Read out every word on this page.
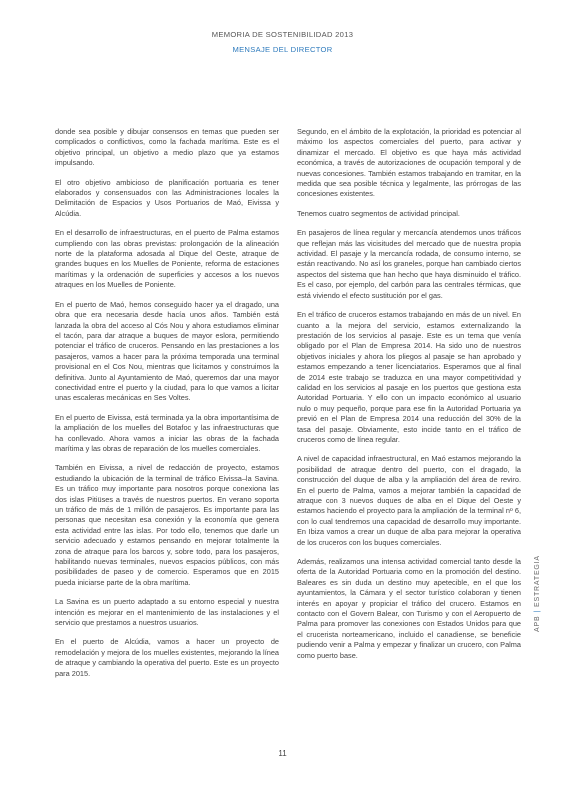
MEMORIA DE SOSTENIBILIDAD 2013
MENSAJE DEL DIRECTOR

donde sea posible y dibujar consensos en temas que pueden ser complicados o conflictivos, como la fachada marítima. Este es el objetivo principal, un objetivo a medio plazo que ya estamos impulsando.

El otro objetivo ambicioso de planificación portuaria es tener elaborados y consensuados con las Administraciones locales la Delimitación de Espacios y Usos Portuarios de Maó, Eivissa y Alcúdia.

En el desarrollo de infraestructuras, en el puerto de Palma estamos cumpliendo con las obras previstas: prolongación de la alineación norte de la plataforma adosada al Dique del Oeste, atraque de grandes buques en los Muelles de Poniente, reforma de estaciones marítimas y la ordenación de superficies y accesos a los nuevos atraques en los Muelles de Poniente.

En el puerto de Maó, hemos conseguido hacer ya el dragado, una obra que era necesaria desde hacía unos años. También está lanzada la obra del acceso al Cós Nou y ahora estudiamos eliminar el tacón, para dar atraque a buques de mayor eslora, permitiendo potenciar el tráfico de cruceros. Pensando en las prestaciones a los pasajeros, vamos a hacer para la próxima temporada una terminal provisional en el Cos Nou, mientras que licitamos y construimos la definitiva. Junto al Ayuntamiento de Maó, queremos dar una mayor conectividad entre el puerto y la ciudad, para lo que vamos a licitar unas escaleras mecánicas en Ses Voltes.

En el puerto de Eivissa, está terminada ya la obra importantísima de la ampliación de los muelles del Botafoc y las infraestructuras que ha conllevado. Ahora vamos a iniciar las obras de la fachada marítima y las obras de reparación de los muelles comerciales.

También en Eivissa, a nivel de redacción de proyecto, estamos estudiando la ubicación de la terminal de tráfico Eivissa–la Savina. Es un tráfico muy importante para nosotros porque conexiona las dos islas Pitiüses a través de nuestros puertos. En verano soporta un tráfico de más de 1 millón de pasajeros. Es importante para las personas que necesitan esa conexión y la economía que genera esta actividad entre las islas. Por todo ello, tenemos que darle un servicio adecuado y estamos pensando en mejorar totalmente la zona de atraque para los barcos y, sobre todo, para los pasajeros, habilitando nuevas terminales, nuevos espacios públicos, con más posibilidades de paseo y de comercio. Esperamos que en 2015 pueda iniciarse parte de la obra marítima.

La Savina es un puerto adaptado a su entorno especial y nuestra intención es mejorar en el mantenimiento de las instalaciones y el servicio que prestamos a nuestros usuarios.

En el puerto de Alcúdia, vamos a hacer un proyecto de remodelación y mejora de los muelles existentes, mejorando la línea de atraque y cambiando la operativa del puerto. Este es un proyecto para 2015.

Segundo, en el ámbito de la explotación, la prioridad es potenciar al máximo los aspectos comerciales del puerto, para activar y dinamizar el mercado. El objetivo es que haya más actividad económica, a través de autorizaciones de ocupación temporal y de nuevas concesiones. También estamos trabajando en tramitar, en la medida que sea posible técnica y legalmente, las prórrogas de las concesiones existentes.

Tenemos cuatro segmentos de actividad principal.

En pasajeros de línea regular y mercancía atendemos unos tráficos que reflejan más las vicisitudes del mercado que de nuestra propia actividad. El pasaje y la mercancía rodada, de consumo interno, se están reactivando. No así los graneles, porque han cambiado ciertos aspectos del sistema que han hecho que haya disminuido el tráfico. Es el caso, por ejemplo, del carbón para las centrales térmicas, que está viviendo el efecto sustitución por el gas.

En el tráfico de cruceros estamos trabajando en más de un nivel. En cuanto a la mejora del servicio, estamos externalizando la prestación de los servicios al pasaje. Este es un tema que venía obligado por el Plan de Empresa 2014. Ha sido uno de nuestros objetivos iniciales y ahora los pliegos al pasaje se han aprobado y estamos empezando a tener licenciatarios. Esperamos que al final de 2014 este trabajo se traduzca en una mayor competitividad y calidad en los servicios al pasaje en los puertos que gestiona esta Autoridad Portuaria. Y ello con un impacto económico al usuario nulo o muy pequeño, porque para ese fin la Autoridad Portuaria ya previó en el Plan de Empresa 2014 una reducción del 30% de la tasa del pasaje. Obviamente, esto incide tanto en el tráfico de cruceros como de línea regular.

A nivel de capacidad infraestructural, en Maó estamos mejorando la posibilidad de atraque dentro del puerto, con el dragado, la construcción del duque de alba y la ampliación del área de reviro. En el puerto de Palma, vamos a mejorar también la capacidad de atraque con 3 nuevos duques de alba en el Dique del Oeste y estamos haciendo el proyecto para la ampliación de la terminal nº 6, con lo cual tendremos una capacidad de desarrollo muy importante. En Ibiza vamos a crear un duque de alba para mejorar la operativa de los cruceros con los buques comerciales.

Además, realizamos una intensa actividad comercial tanto desde la oferta de la Autoridad Portuaria como en la promoción del destino. Baleares es sin duda un destino muy apetecible, en el que los ayuntamientos, la Cámara y el sector turístico colaboran y tienen interés en apoyar y propiciar el tráfico del crucero. Estamos en contacto con el Govern Balear, con Turismo y con el Aeropuerto de Palma para promover las conexiones con Estados Unidos para que el crucerista norteamericano, incluido el canadiense, se beneficie pudiendo venir a Palma y empezar y finalizar un crucero, con Palma como puerto base.

APB|ESTRATEGIA
11
